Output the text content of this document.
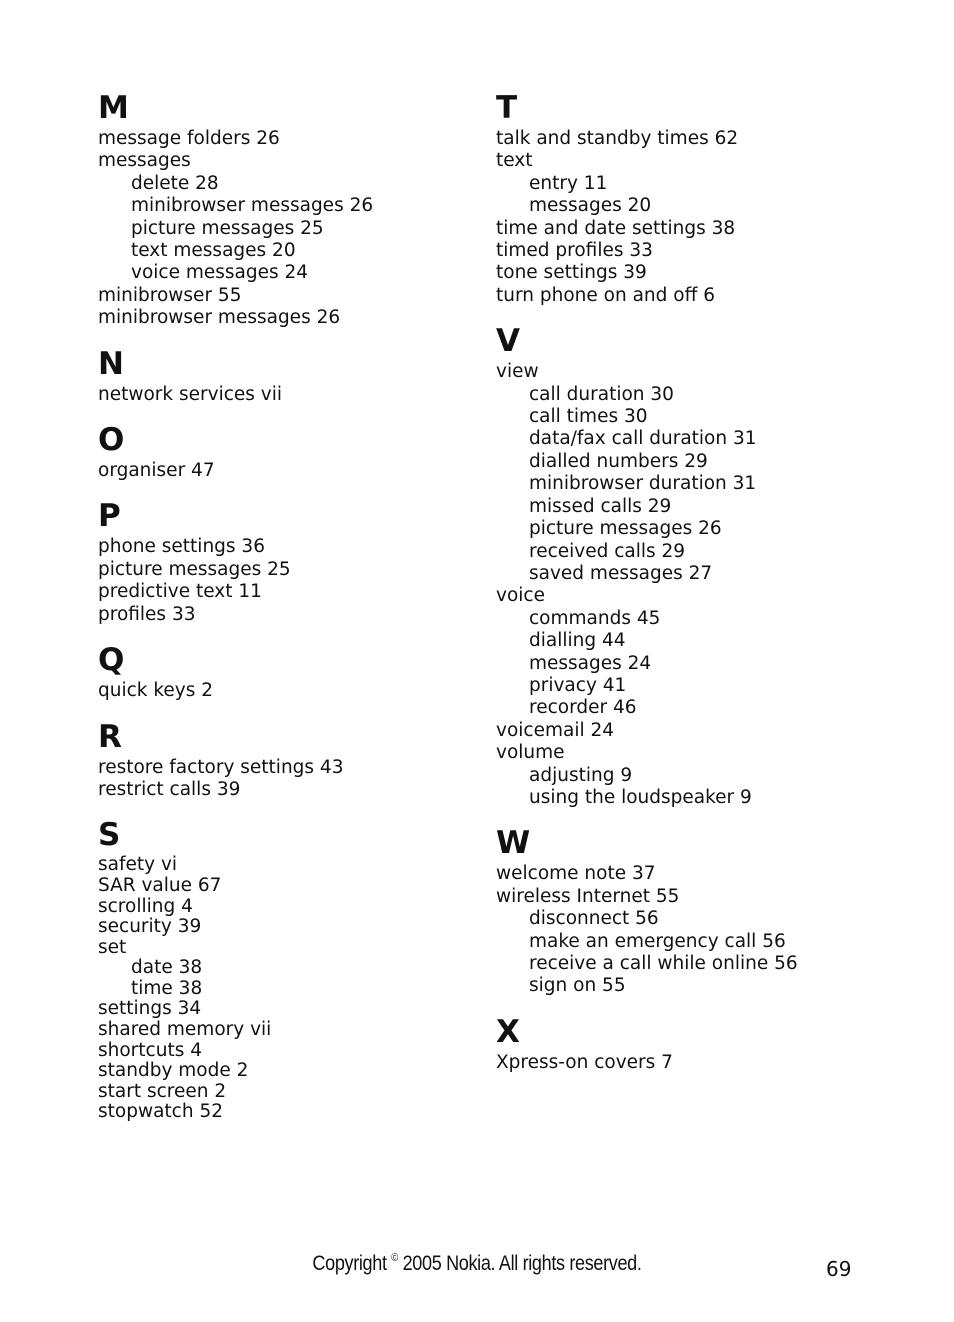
M
message folders 26
messages
delete 28
minibrowser messages 26
picture messages 25
text messages 20
voice messages 24
minibrowser 55
minibrowser messages 26
N
network services vii
O
organiser 47
P
phone settings 36
picture messages 25
predictive text 11
profiles 33
Q
quick keys 2
R
restore factory settings 43
restrict calls 39
S
safety vi
SAR value 67
scrolling 4
security 39
set
date 38
time 38
settings 34
shared memory vii
shortcuts 4
standby mode 2
start screen 2
stopwatch 52
T
talk and standby times 62
text
entry 11
messages 20
time and date settings 38
timed profiles 33
tone settings 39
turn phone on and off 6
V
view
call duration 30
call times 30
data/fax call duration 31
dialled numbers 29
minibrowser duration 31
missed calls 29
picture messages 26
received calls 29
saved messages 27
voice
commands 45
dialling 44
messages 24
privacy 41
recorder 46
voicemail 24
volume
adjusting 9
using the loudspeaker 9
W
welcome note 37
wireless Internet 55
disconnect 56
make an emergency call 56
receive a call while online 56
sign on 55
X
Xpress-on covers 7
Copyright © 2005 Nokia. All rights reserved.	69
